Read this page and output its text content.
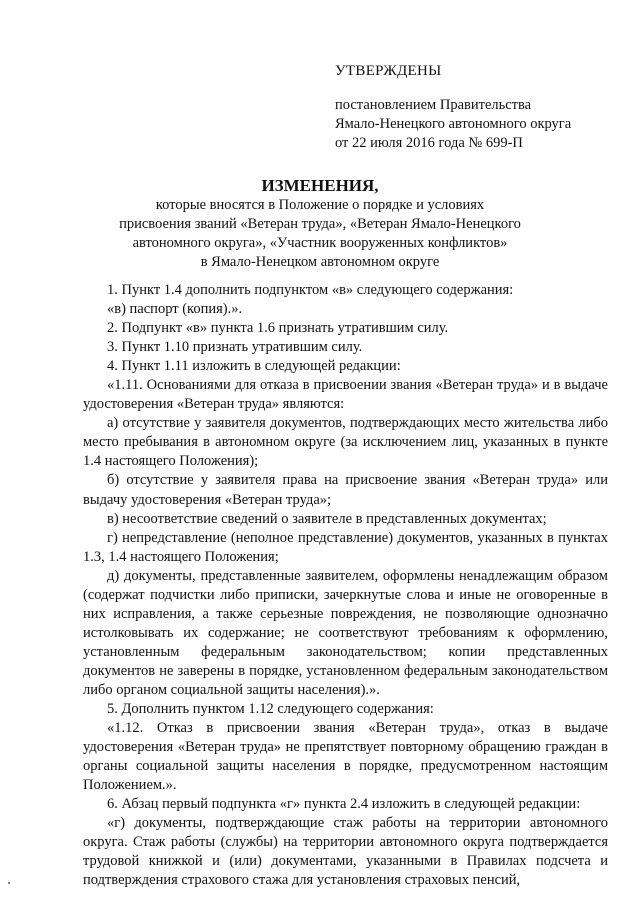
УТВЕРЖДЕНЫ
постановлением Правительства
Ямало-Ненецкого автономного округа
от 22 июля 2016 года № 699-П
ИЗМЕНЕНИЯ,
которые вносятся в Положение о порядке и условиях
присвоения званий «Ветеран труда», «Ветеран Ямало-Ненецкого
автономного округа», «Участник вооруженных конфликтов»
в Ямало-Ненецком автономном округе

1. Пункт 1.4 дополнить подпунктом «в» следующего содержания:

«в) паспорт (копия).».

2. Подпункт «в» пункта 1.6 признать утратившим силу.

3. Пункт 1.10 признать утратившим силу.

4. Пункт 1.11 изложить в следующей редакции:

«1.11. Основаниями для отказа в присвоении звания «Ветеран труда» и в выдаче удостоверения «Ветеран труда» являются:

а) отсутствие у заявителя документов, подтверждающих место жительства либо место пребывания в автономном округе (за исключением лиц, указанных в пункте 1.4 настоящего Положения);

б) отсутствие у заявителя права на присвоение звания «Ветеран труда» или выдачу удостоверения «Ветеран труда»;

в) несоответствие сведений о заявителе в представленных документах;

г) непредставление (неполное представление) документов, указанных в пунктах 1.3, 1.4 настоящего Положения;

д) документы, представленные заявителем, оформлены ненадлежащим образом (содержат подчистки либо приписки, зачеркнутые слова и иные не оговоренные в них исправления, а также серьезные повреждения, не позволяющие однозначно истолковывать их содержание; не соответствуют требованиям к оформлению, установленным федеральным законодательством; копии представленных документов не заверены в порядке, установленном федеральным законодательством либо органом социальной защиты населения).».

5. Дополнить пунктом 1.12 следующего содержания:

«1.12. Отказ в присвоении звания «Ветеран труда», отказ в выдаче удостоверения «Ветеран труда» не препятствует повторному обращению граждан в органы социальной защиты населения в порядке, предусмотренном настоящим Положением.».

6. Абзац первый подпункта «г» пункта 2.4 изложить в следующей редакции:

«г) документы, подтверждающие стаж работы на территории автономного округа. Стаж работы (службы) на территории автономного округа подтверждается трудовой книжкой и (или) документами, указанными в Правилах подсчета и подтверждения страхового стажа для установления страховых пенсий,
